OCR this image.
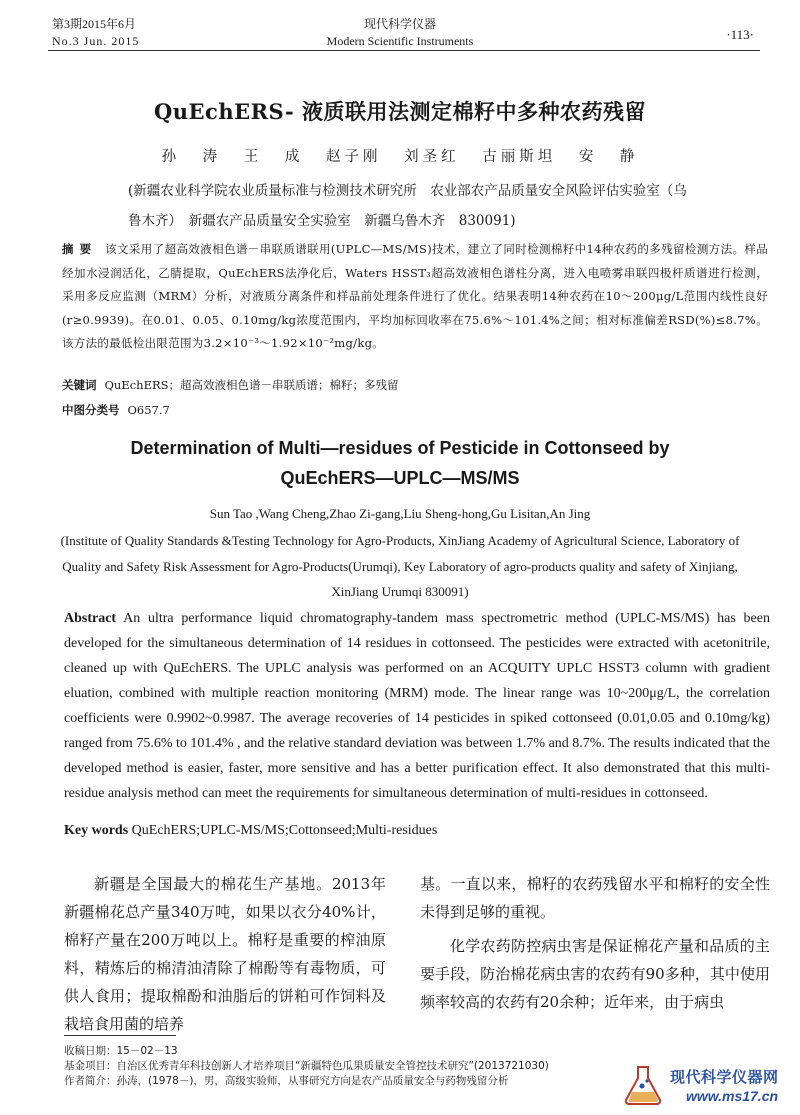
第3期2015年6月
No.3 Jun. 2015
现代科学仪器
Modern Scientific Instruments	·113·
QuEchERS- 液质联用法测定棉籽中多种农药残留
孙 涛 王 成 赵子刚 刘圣红 古丽斯坦 安 静
(新疆农业科学院农业质量标准与检测技术研究所　农业部农产品质量安全风险评估实验室（乌鲁木齐）　新疆农产品质量安全实验室　新疆乌鲁木齐　830091)
摘要 该文采用了超高效液相色谱－串联质谱联用(UPLC—MS/MS)技术，建立了同时检测棉籽中14种农药的多残留检测方法。样品经加水浸润活化，乙腈提取，QuEchERS法净化后，Waters HSST₃超高效液相色谱柱分离，进入电喷雾串联四极杆质谱进行检测，采用多反应监测（MRM）分析，对液质分离条件和样品前处理条件进行了优化。结果表明14种农药在10～200μg/L范围内线性良好(r≥0.9939)。在0.01、0.05、0.10mg/kg浓度范围内，平均加标回收率在75.6%～101.4%之间；相对标准偏差RSD(%)≤8.7%。该方法的最低检出限范围为3.2×10⁻³～1.92×10⁻²mg/kg。
关键词 QuEchERS；超高效液相色谱－串联质谱；棉籽；多残留
中图分类号 O657.7
Determination of Multi—residues of Pesticide in Cottonseed by
QuEchERS—UPLC—MS/MS
Sun Tao ,Wang Cheng,Zhao Zi-gang,Liu Sheng-hong,Gu Lisitan,An Jing
(Institute of Quality Standards &Testing Technology for Agro-Products, XinJiang Academy of Agricultural Science, Laboratory of Quality and Safety Risk Assessment for Agro-Products(Urumqi), Key Laboratory of agro-products quality and safety of Xinjiang, XinJiang Urumqi 830091)
Abstract An ultra performance liquid chromatography-tandem mass spectrometric method (UPLC-MS/MS) has been developed for the simultaneous determination of 14 residues in cottonseed. The pesticides were extracted with acetonitrile, cleaned up with QuEchERS. The UPLC analysis was performed on an ACQUITY UPLC HSST3 column with gradient eluation, combined with multiple reaction monitoring (MRM) mode. The linear range was 10~200μg/L, the correlation coefficients were 0.9902~0.9987. The average recoveries of 14 pesticides in spiked cottonseed (0.01,0.05 and 0.10mg/kg) ranged from 75.6% to 101.4% , and the relative standard deviation was between 1.7% and 8.7%. The results indicated that the developed method is easier, faster, more sensitive and has a better purification effect. It also demonstrated that this multi-residue analysis method can meet the requirements for simultaneous determination of multi-residues in cottonseed.
Key words QuEchERS;UPLC-MS/MS;Cottonseed;Multi-residues
新疆是全国最大的棉花生产基地。2013年新疆棉花总产量340万吨，如果以衣分40%计，棉籽产量在200万吨以上。棉籽是重要的榨油原料，精炼后的棉清油清除了棉酚等有毒物质，可供人食用；提取棉酚和油脂后的饼粕可作饲料及栽培食用菌的培养
基。一直以来，棉籽的农药残留水平和棉籽的安全性未得到足够的重视。
化学农药防控病虫害是保证棉花产量和品质的主要手段，防治棉花病虫害的农药有90多种，其中使用频率较高的农药有20余种；近年来，由于病虫
收稿日期：15－02－13
基金项目：自治区优秀青年科技创新人才培养项目“新疆特色瓜果质量安全管控技术研究”(2013721030)
作者简介：孙涛，(1978－)，男，高级实验师，从事研究方向是农产品质量安全与药物残留分析	现代科学仪器网
www.ms17.cn
